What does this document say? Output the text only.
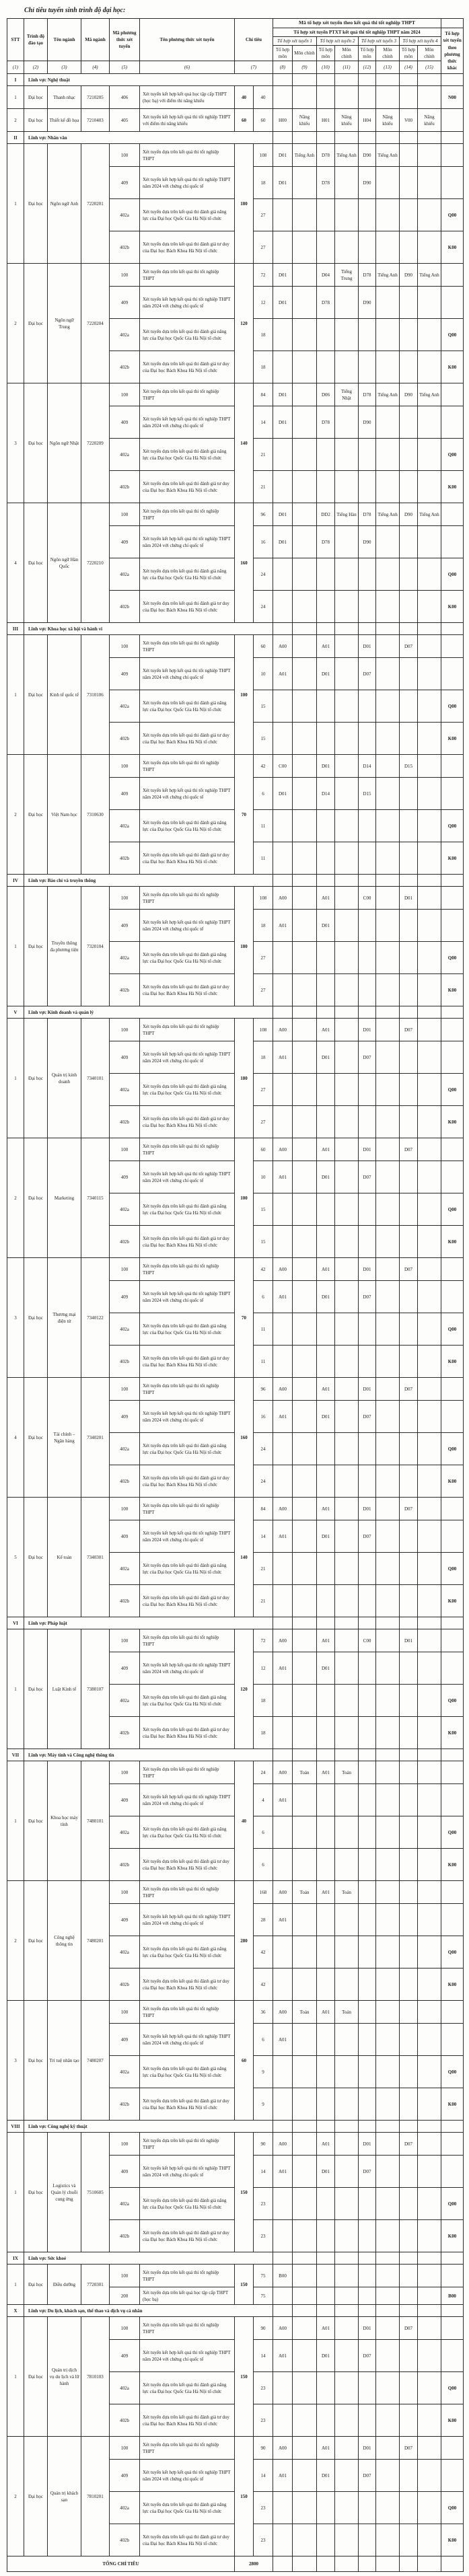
Chỉ tiêu tuyển sinh trình độ đại học:
STT	Trình độ đào tạo	Tên ngành	Mã ngành	Mã phương thức xét tuyển	Tên phương thức xét tuyển	Chỉ tiêu		Mã tổ hợp xét tuyển theo kết quả thi tốt nghiệp THPT								
								Tổ hợp xét tuyển PTXT kết quả thi tốt nghiệp THPT năm 2024								Tổ hợp xét tuyển theo phương thức khác
								Tổ hợp xét tuyển 1		Tổ hợp xét tuyển 2		Tổ hợp xét tuyển 3		Tổ hợp xét tuyển 4		
								Tổ hợp môn	Môn chính	Tổ hợp môn	Môn chính	Tổ hợp môn	Môn chính	Tổ hợp môn	Môn chính	
(1)	(2)	(3)	(4)	(5)	(6)	(7)		(8)	(9)	(10)	(11)	(12)	(13)	(14)	(15)	
I	Lĩnh vực Nghệ thuật															
1	Đại học	Thanh nhạc	7210205	406	Xét tuyển kết hợp kết quả học tập cấp THPT (học bạ) với điểm thi năng khiếu	40	40									N00
2	Đại học	Thiết kế đồ họa	7210403	405	Xét tuyển kết hợp kết quả thi tốt nghiệp THPT với điểm thi năng khiếu	60	60	H00	Năng khiếu	H01	Năng khiếu	H04	Năng khiếu	V00	Năng khiếu	
II	Lĩnh vực Nhân văn															
1	Đại học	Ngôn ngữ Anh	7220201	100	Xét tuyển dựa trên kết quả thi tốt nghiệp THPT	180	108	D01	Tiếng Anh	D78	Tiếng Anh	D90	Tiếng Anh			
				409	Xét tuyển kết hợp kết quả thi tốt nghiệp THPT năm 2024 với chứng chỉ quốc tế		18	D01		D78		D90				
				402a	Xét tuyển dựa trên kết quả thi đánh giá năng lực của Đại học Quốc Gia Hà Nội tổ chức		27									Q00
				402b	Xét tuyển dựa trên kết quả thi đánh giá tư duy của Đại học Bách Khoa Hà Nội tổ chức		27									K00
2	Đại học	Ngôn ngữ Trung	7220204	100	Xét tuyển dựa trên kết quả thi tốt nghiệp THPT	120	72	D01		D04	Tiếng Trung	D78	Tiếng Anh	D90	Tiếng Anh	
				409	Xét tuyển kết hợp kết quả thi tốt nghiệp THPT năm 2024 với chứng chỉ quốc tế		12	D01		D78		D90				
				402a	Xét tuyển dựa trên kết quả thi đánh giá năng lực của Đại học Quốc Gia Hà Nội tổ chức		18									Q00
				402b	Xét tuyển dựa trên kết quả thi đánh giá tư duy của Đại học Bách Khoa Hà Nội tổ chức		18									K00
3	Đại học	Ngôn ngữ Nhật	7220209	100	Xét tuyển dựa trên kết quả thi tốt nghiệp THPT	140	84	D01		D06	Tiếng Nhật	D78	Tiếng Anh	D90	Tiếng Anh	
				409	Xét tuyển kết hợp kết quả thi tốt nghiệp THPT năm 2024 với chứng chỉ quốc tế		14	D01		D78		D90				
				402a	Xét tuyển dựa trên kết quả thi đánh giá năng lực của Đại học Quốc Gia Hà Nội tổ chức		21									Q00
				402b	Xét tuyển dựa trên kết quả thi đánh giá tư duy của Đại học Bách Khoa Hà Nội tổ chức		21									K00
4	Đại học	Ngôn ngữ Hàn Quốc	7220210	100	Xét tuyển dựa trên kết quả thi tốt nghiệp THPT	160	96	D01		DD2	Tiếng Hàn	D78	Tiếng Anh	D90	Tiếng Anh	
				409	Xét tuyển kết hợp kết quả thi tốt nghiệp THPT năm 2024 với chứng chỉ quốc tế		16	D01		D78		D90				
				402a	Xét tuyển dựa trên kết quả thi đánh giá năng lực của Đại học Quốc Gia Hà Nội tổ chức		24									Q00
				402b	Xét tuyển dựa trên kết quả thi đánh giá tư duy của Đại học Bách Khoa Hà Nội tổ chức		24									K00
III	Lĩnh vực Khoa học xã hội và hành vi															
1	Đại học	Kinh tế quốc tế	7310106	100	Xét tuyển dựa trên kết quả thi tốt nghiệp THPT	100	60	A00		A01		D01		D07		
				409	Xét tuyển kết hợp kết quả thi tốt nghiệp THPT năm 2024 với chứng chỉ quốc tế		10	A01		D01		D07				
				402a	Xét tuyển dựa trên kết quả thi đánh giá năng lực của Đại học Quốc Gia Hà Nội tổ chức		15									Q00
				402b	Xét tuyển dựa trên kết quả thi đánh giá tư duy của Đại học Bách Khoa Hà Nội tổ chức		15									K00
2	Đại học	Việt Nam học	7310630	100	Xét tuyển dựa trên kết quả thi tốt nghiệp THPT	70	42	C00		D01		D14		D15		
				409	Xét tuyển kết hợp kết quả thi tốt nghiệp THPT năm 2024 với chứng chỉ quốc tế		6	D01		D14		D15				
				402a	Xét tuyển dựa trên kết quả thi đánh giá năng lực của Đại học Quốc Gia Hà Nội tổ chức		11									Q00
				402b	Xét tuyển dựa trên kết quả thi đánh giá tư duy của Đại học Bách Khoa Hà Nội tổ chức		11									K00
IV	Lĩnh vực Báo chí và truyền thông															
1	Đại học	Truyền thông đa phương tiện	7320104	100	Xét tuyển dựa trên kết quả thi tốt nghiệp THPT	180	108	A00		A01		C00		D01		
				409	Xét tuyển kết hợp kết quả thi tốt nghiệp THPT năm 2024 với chứng chỉ quốc tế		18	A01		D01						
				402a	Xét tuyển dựa trên kết quả thi đánh giá năng lực của Đại học Quốc Gia Hà Nội tổ chức		27									Q00
				402b	Xét tuyển dựa trên kết quả thi đánh giá tư duy của Đại học Bách Khoa Hà Nội tổ chức		27									K00
V	Lĩnh vực Kinh doanh và quản lý															
1	Đại học	Quản trị kinh doanh	7340101	100	Xét tuyển dựa trên kết quả thi tốt nghiệp THPT	180	108	A00		A01		D01		D07		
				409	Xét tuyển kết hợp kết quả thi tốt nghiệp THPT năm 2024 với chứng chỉ quốc tế		18	A01		D01		D07				
				402a	Xét tuyển dựa trên kết quả thi đánh giá năng lực của Đại học Quốc Gia Hà Nội tổ chức		27									Q00
				402b	Xét tuyển dựa trên kết quả thi đánh giá tư duy của Đại học Bách Khoa Hà Nội tổ chức		27									K00
2	Đại học	Marketing	7340115	100	Xét tuyển dựa trên kết quả thi tốt nghiệp THPT	100	60	A00		A01		D01		D07		
				409	Xét tuyển kết hợp kết quả thi tốt nghiệp THPT năm 2024 với chứng chỉ quốc tế		10	A01		D01		D07				
				402a	Xét tuyển dựa trên kết quả thi đánh giá năng lực của Đại học Quốc Gia Hà Nội tổ chức		15									Q00
				402b	Xét tuyển dựa trên kết quả thi đánh giá tư duy của Đại học Bách Khoa Hà Nội tổ chức		15									K00
3	Đại học	Thương mại điện tử	7340122	100	Xét tuyển dựa trên kết quả thi tốt nghiệp THPT	70	42	A00		A01		D01		D07		
				409	Xét tuyển kết hợp kết quả thi tốt nghiệp THPT năm 2024 với chứng chỉ quốc tế		6	A01		D01		D07				
				402a	Xét tuyển dựa trên kết quả thi đánh giá năng lực của Đại học Quốc Gia Hà Nội tổ chức		11									Q00
				402b	Xét tuyển dựa trên kết quả thi đánh giá tư duy của Đại học Bách Khoa Hà Nội tổ chức		11									K00
4	Đại học	Tài chính – Ngân hàng	7340201	100	Xét tuyển dựa trên kết quả thi tốt nghiệp THPT	160	96	A00		A01		D01		D07		
				409	Xét tuyển kết hợp kết quả thi tốt nghiệp THPT năm 2024 với chứng chỉ quốc tế		16	A01		D01		D07				
				402a	Xét tuyển dựa trên kết quả thi đánh giá năng lực của Đại học Quốc Gia Hà Nội tổ chức		24									Q00
				402b	Xét tuyển dựa trên kết quả thi đánh giá tư duy của Đại học Bách Khoa Hà Nội tổ chức		24									K00
5	Đại học	Kế toán	7340301	100	Xét tuyển dựa trên kết quả thi tốt nghiệp THPT	140	84	A00		A01		D01		D07		
				409	Xét tuyển kết hợp kết quả thi tốt nghiệp THPT năm 2024 với chứng chỉ quốc tế		14	A01		D01		D07				
				402a	Xét tuyển dựa trên kết quả thi đánh giá năng lực của Đại học Quốc Gia Hà Nội tổ chức		21									Q00
				402b	Xét tuyển dựa trên kết quả thi đánh giá tư duy của Đại học Bách Khoa Hà Nội tổ chức		21									K00
VI	Lĩnh vực Pháp luật															
1	Đại học	Luật Kinh tế	7380107	100	Xét tuyển dựa trên kết quả thi tốt nghiệp THPT	120	72	A00		A01		C00		D01		
				409	Xét tuyển kết hợp kết quả thi tốt nghiệp THPT năm 2024 với chứng chỉ quốc tế		12	A01		D01						
				402a	Xét tuyển dựa trên kết quả thi đánh giá năng lực của Đại học Quốc Gia Hà Nội tổ chức		18									Q00
				402b	Xét tuyển dựa trên kết quả thi đánh giá tư duy của Đại học Bách Khoa Hà Nội tổ chức		18									K00
VII	Lĩnh vực Máy tính và Công nghệ thông tin															
1	Đại học	Khoa học máy tính	7480101	100	Xét tuyển dựa trên kết quả thi tốt nghiệp THPT	40	24	A00	Toán	A01	Toán					
				409	Xét tuyển kết hợp kết quả thi tốt nghiệp THPT năm 2024 với chứng chỉ quốc tế		4	A01								
				402a	Xét tuyển dựa trên kết quả thi đánh giá năng lực của Đại học Quốc Gia Hà Nội tổ chức		6									Q00
				402b	Xét tuyển dựa trên kết quả thi đánh giá tư duy của Đại học Bách Khoa Hà Nội tổ chức		6									K00
2	Đại học	Công nghệ thông tin	7480201	100	Xét tuyển dựa trên kết quả thi tốt nghiệp THPT	280	168	A00	Toán	A01	Toán					
				409	Xét tuyển kết hợp kết quả thi tốt nghiệp THPT năm 2024 với chứng chỉ quốc tế		28	A01								
				402a	Xét tuyển dựa trên kết quả thi đánh giá năng lực của Đại học Quốc Gia Hà Nội tổ chức		42									Q00
				402b	Xét tuyển dựa trên kết quả thi đánh giá tư duy của Đại học Bách Khoa Hà Nội tổ chức		42									K00
3	Đại học	Trí tuệ nhân tạo	7480207	100	Xét tuyển dựa trên kết quả thi tốt nghiệp THPT	60	36	A00	Toán	A01	Toán					
				409	Xét tuyển kết hợp kết quả thi tốt nghiệp THPT năm 2024 với chứng chỉ quốc tế		6	A01								
				402a	Xét tuyển dựa trên kết quả thi đánh giá năng lực của Đại học Quốc Gia Hà Nội tổ chức		9									Q00
				402b	Xét tuyển dựa trên kết quả thi đánh giá tư duy của Đại học Bách Khoa Hà Nội tổ chức		9									K00
VIII	Lĩnh vực Công nghệ kỹ thuật															
1	Đại học	Logistics và Quản lý chuỗi cung ứng	7510605	100	Xét tuyển dựa trên kết quả thi tốt nghiệp THPT	150	90	A00		A01		D01		D07		
				409	Xét tuyển kết hợp kết quả thi tốt nghiệp THPT năm 2024 với chứng chỉ quốc tế		14	A01		D01		D07				
				402a	Xét tuyển dựa trên kết quả thi đánh giá năng lực của Đại học Quốc Gia Hà Nội tổ chức		23									Q00
				402b	Xét tuyển dựa trên kết quả thi đánh giá tư duy của Đại học Bách Khoa Hà Nội tổ chức		23									K00
IX	Lĩnh vực Sức khoẻ															
1	Đại học	Điều dưỡng	7720301	100	Xét tuyển dựa trên kết quả thi tốt nghiệp THPT	150	75	B00								
				200	Xét tuyển dựa trên kết quả học tập cấp THPT (học bạ)		75									B00
X	Lĩnh vực Du lịch, khách sạn, thể thao và dịch vụ cá nhân															
1	Đại học	Quản trị dịch vụ du lịch và lữ hành	7810103	100	Xét tuyển dựa trên kết quả thi tốt nghiệp THPT	150	90	A00		A01		D01		D07		
				409	Xét tuyển kết hợp kết quả thi tốt nghiệp THPT năm 2024 với chứng chỉ quốc tế		14	A01		D01		D07				
				402a	Xét tuyển dựa trên kết quả thi đánh giá năng lực của Đại học Quốc Gia Hà Nội tổ chức		23									Q00
				402b	Xét tuyển dựa trên kết quả thi đánh giá tư duy của Đại học Bách Khoa Hà Nội tổ chức		23									K00
2	Đại học	Quản trị khách sạn	7810201	100	Xét tuyển dựa trên kết quả thi tốt nghiệp THPT	150	90	A00		A01		D01		D07		
				409	Xét tuyển kết hợp kết quả thi tốt nghiệp THPT năm 2024 với chứng chỉ quốc tế		14	A01		D01		D07				
				402a	Xét tuyển dựa trên kết quả thi đánh giá năng lực của Đại học Quốc Gia Hà Nội tổ chức		23									Q00
				402b	Xét tuyển dựa trên kết quả thi đánh giá tư duy của Đại học Bách Khoa Hà Nội tổ chức		23									K00
TỔNG CHỈ TIÊU						2800										
